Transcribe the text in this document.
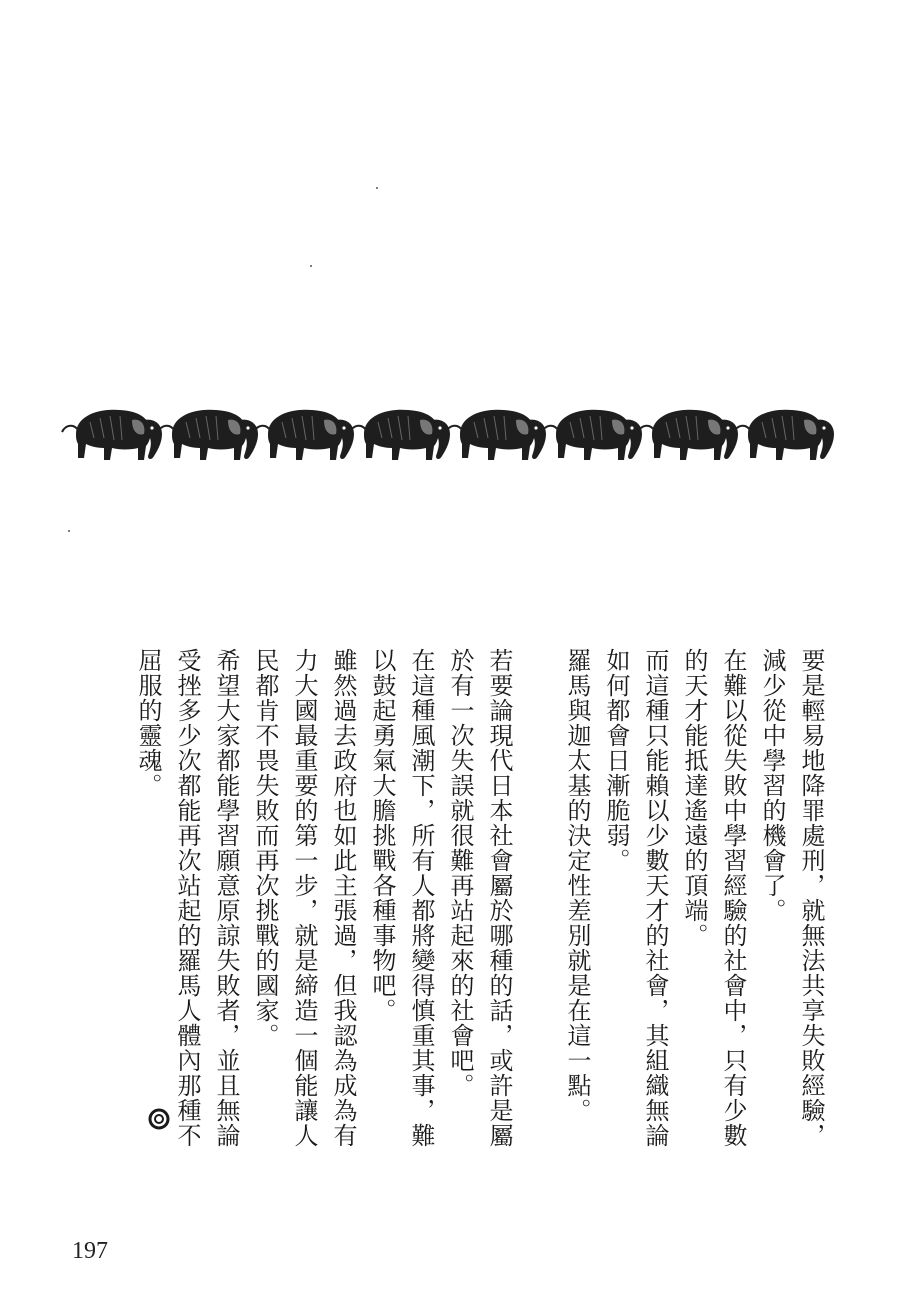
要是輕易地降罪處刑，就無法共享失敗經驗，減少從中學習的機會了。

在難以從失敗中學習經驗的社會中，只有少數的天才能抵達遙遠的頂端。

而這種只能賴以少數天才的社會，其組織無論如何都會日漸脆弱。

羅馬與迦太基的決定性差別就是在這一點。

若要論現代日本社會屬於哪種的話，或許是屬於有一次失誤就很難再站起來的社會吧。

在這種風潮下，所有人都將變得慎重其事，難以鼓起勇氣大膽挑戰各種事物吧。

雖然過去政府也如此主張過，但我認為成為有力大國最重要的第一步，就是締造一個能讓人民都肯不畏失敗而再次挑戰的國家。

希望大家都能學習願意原諒失敗者，並且無論受挫多少次都能再次站起的羅馬人體內那種不屈服的靈魂。

197
